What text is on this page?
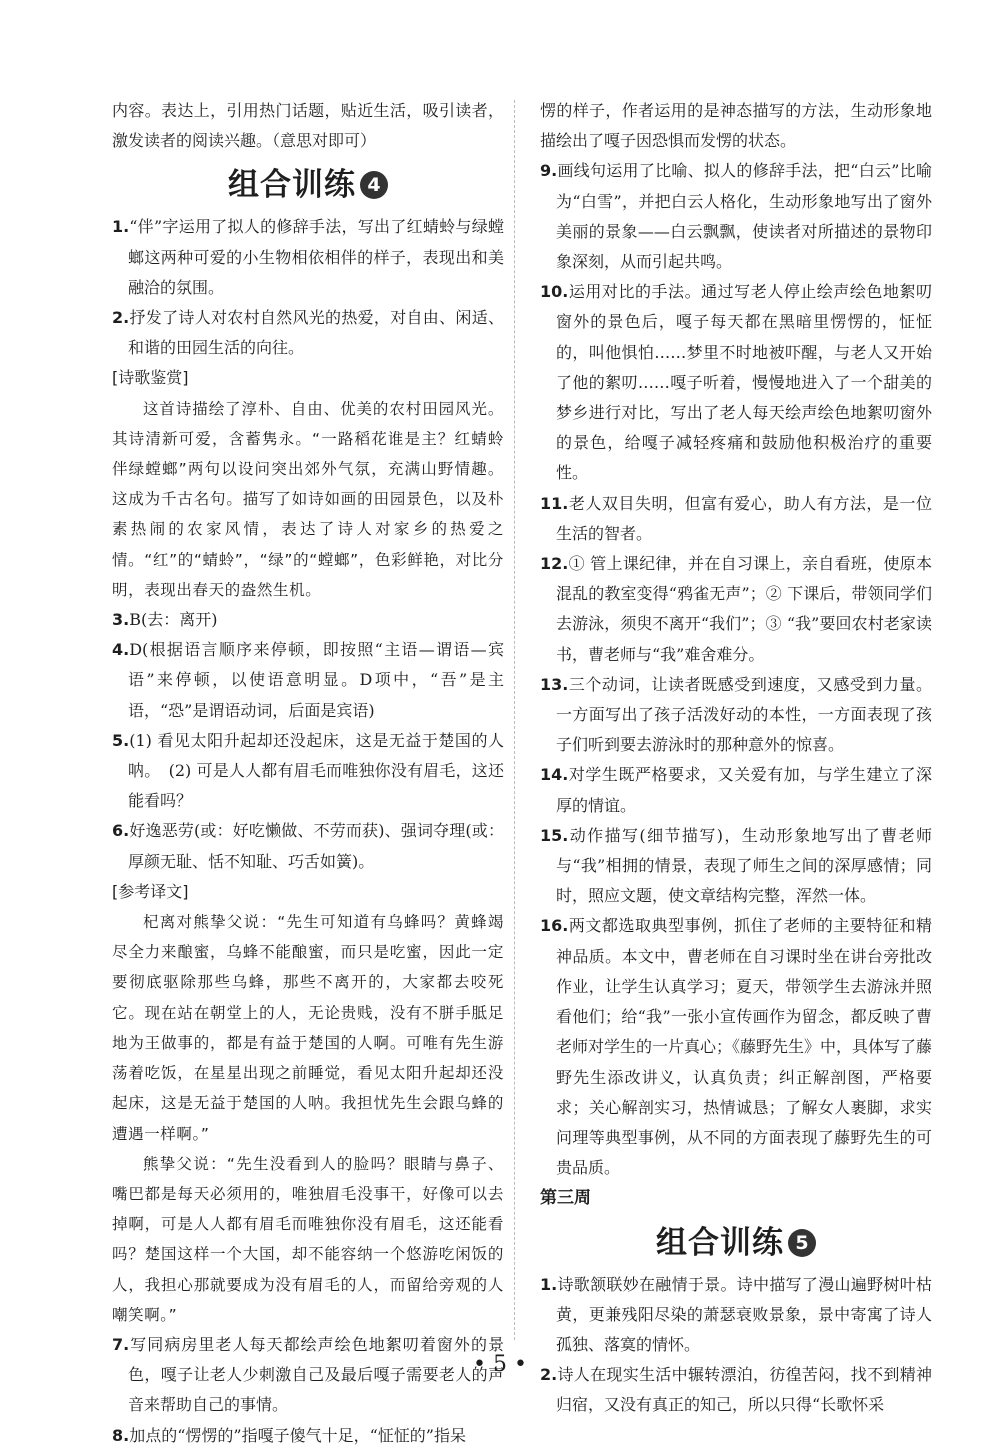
内容。表达上，引用热门话题，贴近生活，吸引读者，激发读者的阅读兴趣。（意思对即可）

组合训练 4

1.“伴”字运用了拟人的修辞手法，写出了红蜻蛉与绿螳螂这两种可爱的小生物相依相伴的样子，表现出和美融洽的氛围。

2.抒发了诗人对农村自然风光的热爱，对自由、闲适、和谐的田园生活的向往。

[诗歌鉴赏]

这首诗描绘了淳朴、自由、优美的农村田园风光。其诗清新可爱，含蓄隽永。“一路稻花谁是主？红蜻蛉伴绿螳螂”两句以设问突出郊外气氛，充满山野情趣。这成为千古名句。描写了如诗如画的田园景色，以及朴素热闹的农家风情，表达了诗人对家乡的热爱之情。“红”的“蜻蛉”，“绿”的“螳螂”，色彩鲜艳，对比分明，表现出春天的盎然生机。

3.B(去：离开)

4.D(根据语言顺序来停顿，即按照“主语—谓语—宾语”来停顿，以使语意明显。D项中，“吾”是主语，“恐”是谓语动词，后面是宾语)

5.(1) 看见太阳升起却还没起床，这是无益于楚国的人呐。　(2) 可是人人都有眉毛而唯独你没有眉毛，这还能看吗？

6.好逸恶劳(或：好吃懒做、不劳而获)、强词夺理(或：厚颜无耻、恬不知耻、巧舌如簧)。

[参考译文]

杞离对熊挚父说：“先生可知道有乌蜂吗？黄蜂竭尽全力来酿蜜，乌蜂不能酿蜜，而只是吃蜜，因此一定要彻底驱除那些乌蜂，那些不离开的，大家都去咬死它。现在站在朝堂上的人，无论贵贱，没有不胼手胝足地为王做事的，都是有益于楚国的人啊。可唯有先生游荡着吃饭，在星星出现之前睡觉，看见太阳升起却还没起床，这是无益于楚国的人呐。我担忧先生会跟乌蜂的遭遇一样啊。”

熊挚父说：“先生没看到人的脸吗？眼睛与鼻子、嘴巴都是每天必须用的，唯独眉毛没事干，好像可以去掉啊，可是人人都有眉毛而唯独你没有眉毛，这还能看吗？楚国这样一个大国，却不能容纳一个悠游吃闲饭的人，我担心那就要成为没有眉毛的人，而留给旁观的人嘲笑啊。”

7.写同病房里老人每天都绘声绘色地絮叨着窗外的景色，嘎子让老人少刺激自己及最后嘎子需要老人的声音来帮助自己的事情。

8.加点的“愣愣的”指嘎子傻气十足，“怔怔的”指呆

愣的样子，作者运用的是神态描写的方法，生动形象地描绘出了嘎子因恐惧而发愣的状态。

9.画线句运用了比喻、拟人的修辞手法，把“白云”比喻为“白雪”，并把白云人格化，生动形象地写出了窗外美丽的景象——白云飘飘，使读者对所描述的景物印象深刻，从而引起共鸣。

10.运用对比的手法。通过写老人停止绘声绘色地絮叨窗外的景色后，嘎子每天都在黑暗里愣愣的，怔怔的，叫他惧怕……梦里不时地被吓醒，与老人又开始了他的絮叨……嘎子听着，慢慢地进入了一个甜美的梦乡进行对比，写出了老人每天绘声绘色地絮叨窗外的景色，给嘎子减轻疼痛和鼓励他积极治疗的重要性。

11.老人双目失明，但富有爱心，助人有方法，是一位生活的智者。

12.① 管上课纪律，并在自习课上，亲自看班，使原本混乱的教室变得“鸦雀无声”；② 下课后，带领同学们去游泳，须臾不离开“我们”；③ “我”要回农村老家读书，曹老师与“我”难舍难分。

13.三个动词，让读者既感受到速度，又感受到力量。一方面写出了孩子活泼好动的本性，一方面表现了孩子们听到要去游泳时的那种意外的惊喜。

14.对学生既严格要求，又关爱有加，与学生建立了深厚的情谊。

15.动作描写(细节描写)，生动形象地写出了曹老师与“我”相拥的情景，表现了师生之间的深厚感情；同时，照应文题，使文章结构完整，浑然一体。

16.两文都选取典型事例，抓住了老师的主要特征和精神品质。本文中，曹老师在自习课时坐在讲台旁批改作业，让学生认真学习；夏天，带领学生去游泳并照看他们；给“我”一张小宣传画作为留念，都反映了曹老师对学生的一片真心；《藤野先生》中，具体写了藤野先生添改讲义，认真负责；纠正解剖图，严格要求；关心解剖实习，热情诚恳；了解女人裹脚，求实问理等典型事例，从不同的方面表现了藤野先生的可贵品质。

第三周

组合训练 5

1.诗歌颔联妙在融情于景。诗中描写了漫山遍野树叶枯黄，更兼残阳尽染的萧瑟衰败景象，景中寄寓了诗人孤独、落寞的情怀。

2.诗人在现实生活中辗转漂泊，彷徨苦闷，找不到精神归宿，又没有真正的知己，所以只得“长歌怀采

• 5 •
